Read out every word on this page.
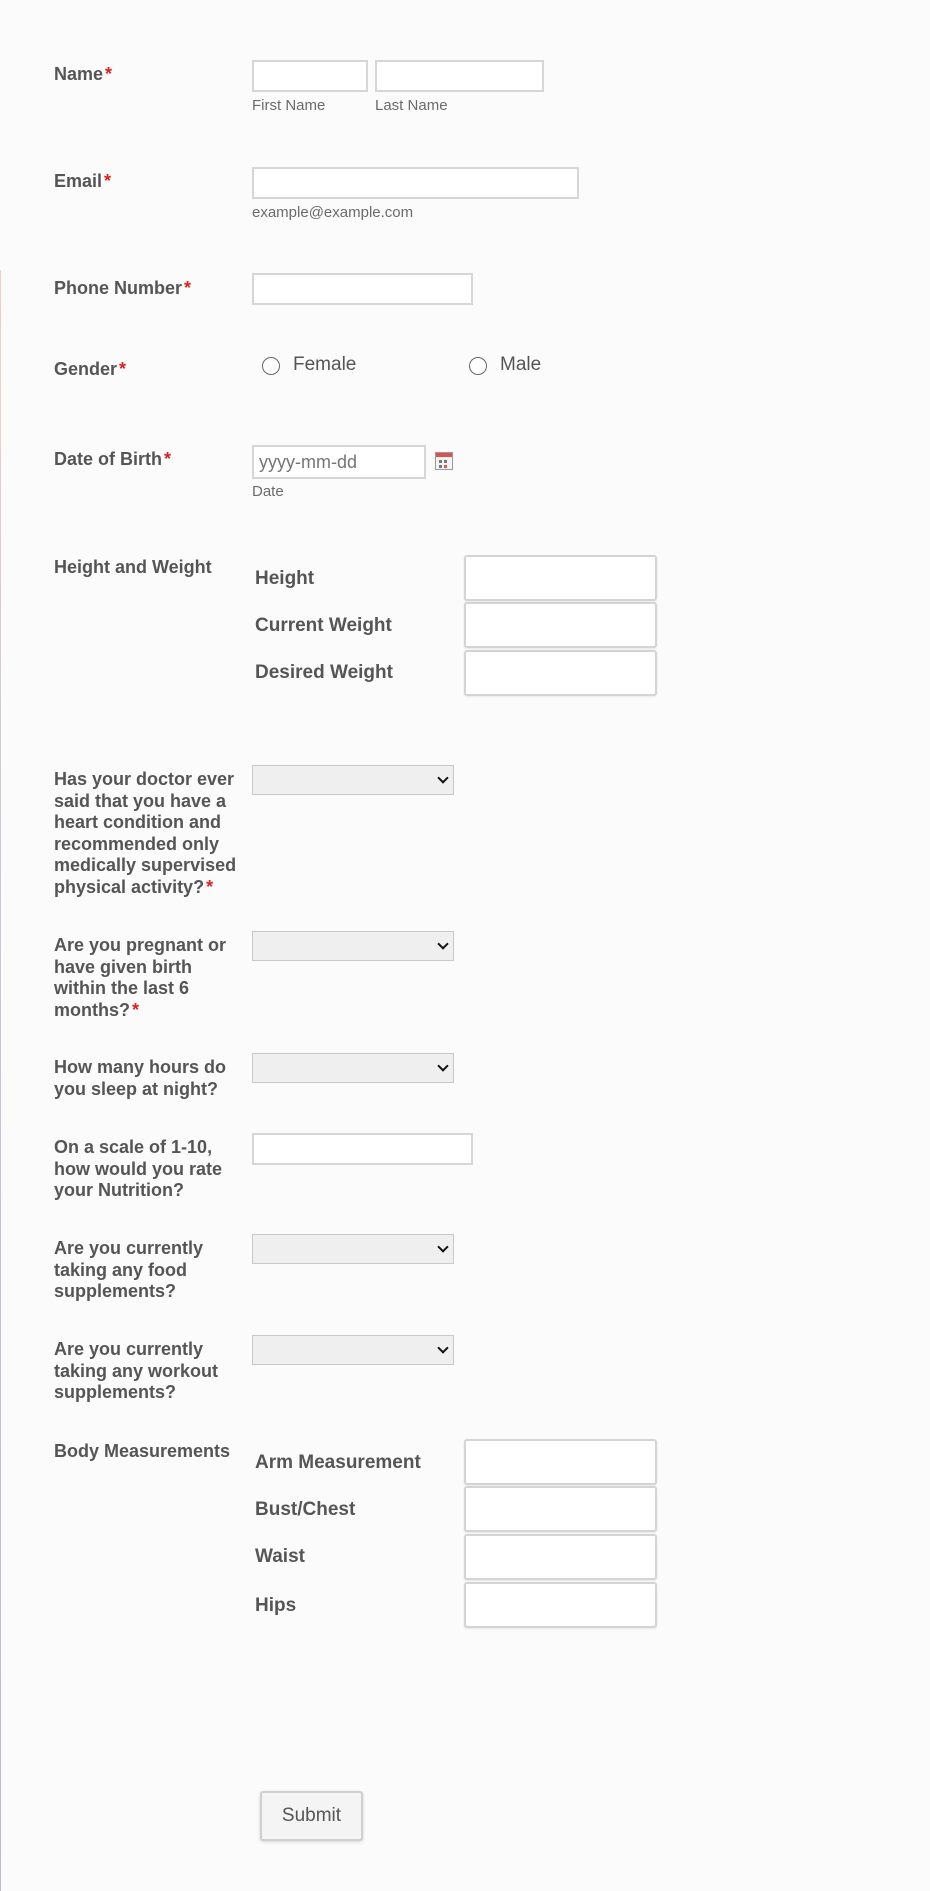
Name *
First Name	Last Name
Email *
example@example.com
Phone Number *
Gender *	Female	Male
Date of Birth *
yyyy-mm-dd
Date
Height and Weight
Height
Current Weight
Desired Weight
Has your doctor ever
said that you have a
heart condition and
recommended only
medically supervised
physical activity? *
Are you pregnant or
have given birth
within the last 6
months? *
How many hours do
you sleep at night?
On a scale of 1-10,
how would you rate
your Nutrition?
Are you currently
taking any food
supplements?
Are you currently
taking any workout
supplements?
Body Measurements
Arm Measurement
Bust/Chest
Waist
Hips
Submit
